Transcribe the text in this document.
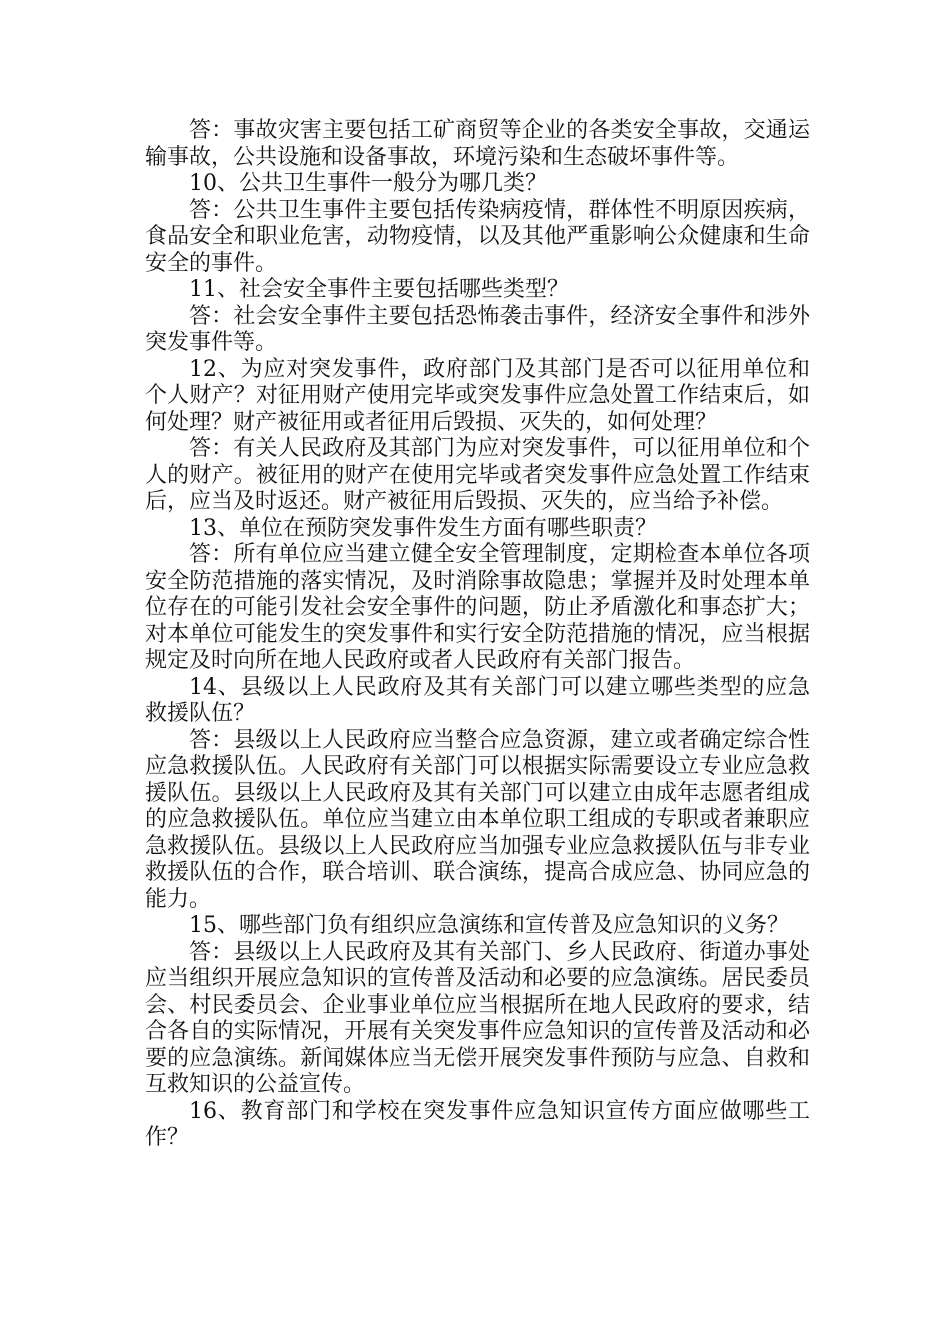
答：事故灾害主要包括工矿商贸等企业的各类安全事故，交通运输事故，公共设施和设备事故，环境污染和生态破坏事件等。

10、公共卫生事件一般分为哪几类？

答：公共卫生事件主要包括传染病疫情，群体性不明原因疾病，食品安全和职业危害，动物疫情，以及其他严重影响公众健康和生命安全的事件。

11、社会安全事件主要包括哪些类型？

答：社会安全事件主要包括恐怖袭击事件，经济安全事件和涉外突发事件等。

12、为应对突发事件，政府部门及其部门是否可以征用单位和个人财产？对征用财产使用完毕或突发事件应急处置工作结束后，如何处理？财产被征用或者征用后毁损、灭失的，如何处理？

答：有关人民政府及其部门为应对突发事件，可以征用单位和个人的财产。被征用的财产在使用完毕或者突发事件应急处置工作结束后，应当及时返还。财产被征用后毁损、灭失的，应当给予补偿。

13、单位在预防突发事件发生方面有哪些职责？

答：所有单位应当建立健全安全管理制度，定期检查本单位各项安全防范措施的落实情况，及时消除事故隐患；掌握并及时处理本单位存在的可能引发社会安全事件的问题，防止矛盾激化和事态扩大；对本单位可能发生的突发事件和实行安全防范措施的情况，应当根据规定及时向所在地人民政府或者人民政府有关部门报告。

14、县级以上人民政府及其有关部门可以建立哪些类型的应急救援队伍？

答：县级以上人民政府应当整合应急资源，建立或者确定综合性应急救援队伍。人民政府有关部门可以根据实际需要设立专业应急救援队伍。县级以上人民政府及其有关部门可以建立由成年志愿者组成的应急救援队伍。单位应当建立由本单位职工组成的专职或者兼职应急救援队伍。县级以上人民政府应当加强专业应急救援队伍与非专业救援队伍的合作，联合培训、联合演练，提高合成应急、协同应急的能力。

15、哪些部门负有组织应急演练和宣传普及应急知识的义务？

答：县级以上人民政府及其有关部门、乡人民政府、街道办事处应当组织开展应急知识的宣传普及活动和必要的应急演练。居民委员会、村民委员会、企业事业单位应当根据所在地人民政府的要求，结合各自的实际情况，开展有关突发事件应急知识的宣传普及活动和必要的应急演练。新闻媒体应当无偿开展突发事件预防与应急、自救和互救知识的公益宣传。

16、教育部门和学校在突发事件应急知识宣传方面应做哪些工作？
